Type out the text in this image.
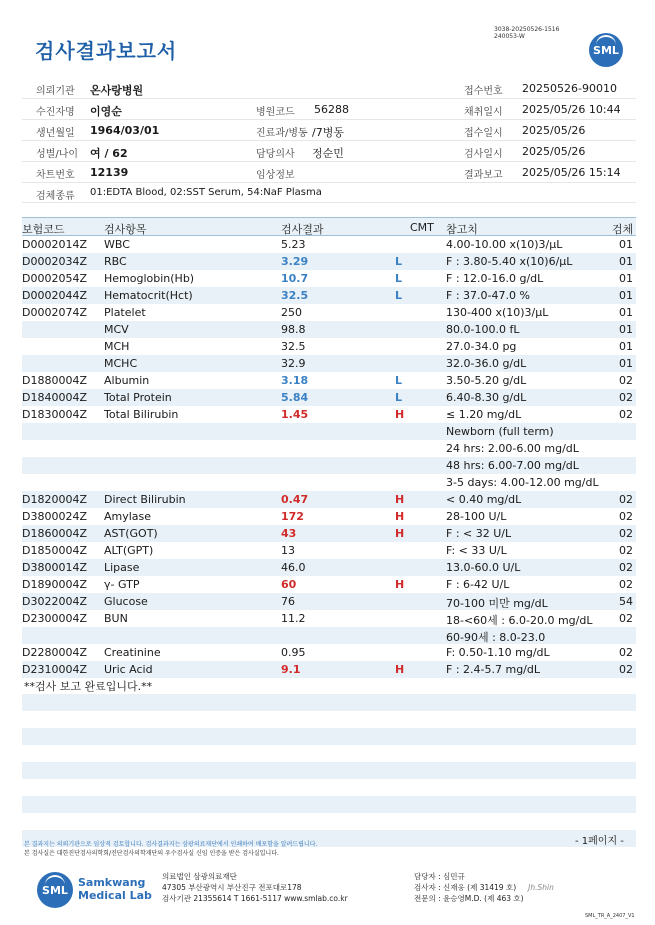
검사결과보고서
3038-20250526-1516
240053-W
SML
의뢰기관 온사랑병원	접수번호 20250526-90010
수진자명 이영순	병원코드 56288	채취일시 2025/05/26 10:44
생년월일 1964/03/01	진료과/병동 /7병동	접수일시 2025/05/26
성별/나이 여 / 62	담당의사 정순민	검사일시 2025/05/26
차트번호 12139	임상정보	결과보고 2025/05/26 15:14
검체종류 01:EDTA Blood, 02:SST Serum, 54:NaF Plasma
보험코드	검사항목	검사결과	CMT 참고치	검체
D0002014Z WBC	5.23	4.00-10.00 x(10)3/μL	01
D0002034Z RBC	3.29	L	F : 3.80-5.40 x(10)6/μL	01
D0002054Z Hemoglobin(Hb)	10.7	L	F : 12.0-16.0 g/dL	01
D0002044Z Hematocrit(Hct)	32.5	L	F : 37.0-47.0 %	01
D0002074Z Platelet	250	130-400 x(10)3/μL	01
MCV	98.8	80.0-100.0 fL	01
MCH	32.5	27.0-34.0 pg	01
MCHC	32.9	32.0-36.0 g/dL	01
D1880004Z Albumin	3.18	L	3.50-5.20 g/dL	02
D1840004Z Total Protein	5.84	L	6.40-8.30 g/dL	02
D1830004Z Total Bilirubin	1.45	H	≤ 1.20 mg/dL	02
Newborn (full term)
24 hrs: 2.00-6.00 mg/dL
48 hrs: 6.00-7.00 mg/dL
3-5 days: 4.00-12.00 mg/dL
D1820004Z Direct Bilirubin	0.47	H	< 0.40 mg/dL	02
D3800024Z Amylase	172	H	28-100 U/L	02
D1860004Z AST(GOT)	43	H	F : < 32 U/L	02
D1850004Z ALT(GPT)	13	F: < 33 U/L	02
D3800014Z Lipase	46.0	13.0-60.0 U/L	02
D1890004Z γ- GTP	60	H	F : 6-42 U/L	02
D3022004Z Glucose	76	70-100 미만 mg/dL	54
D2300004Z BUN	11.2	18-<60세 : 6.0-20.0 mg/dL 02
60-90세 : 8.0-23.0
D2280004Z Creatinine	0.95	F: 0.50-1.10 mg/dL	02
D2310004Z Uric Acid	9.1	H	F : 2.4-5.7 mg/dL	02
**검사 보고 완료입니다.**
- 1페이지 -
본 결과지는 의뢰기관으로 임상적 검토합니다. 검사결과지는 삼광의료재단에서 인쇄하여 배포함을 알려드립니다.
본 검사실은 대한진단검사의학회/진단검사의학재단의 우수검사실 신임 인증을 받은 검사실입니다.
SML
Samkwang
Medical Lab
의료법인 삼광의료재단
47305 부산광역시 부산진구 전포대로178
검사기관 21355614 T 1661-5117 www.smlab.co.kr
담당자 : 심민규
검사자 : 신재웅 (제 31419 호) Jh.Shin
전문의 : 윤승영M.D. (제 463 호)
SML_TR_A_2407_V1
